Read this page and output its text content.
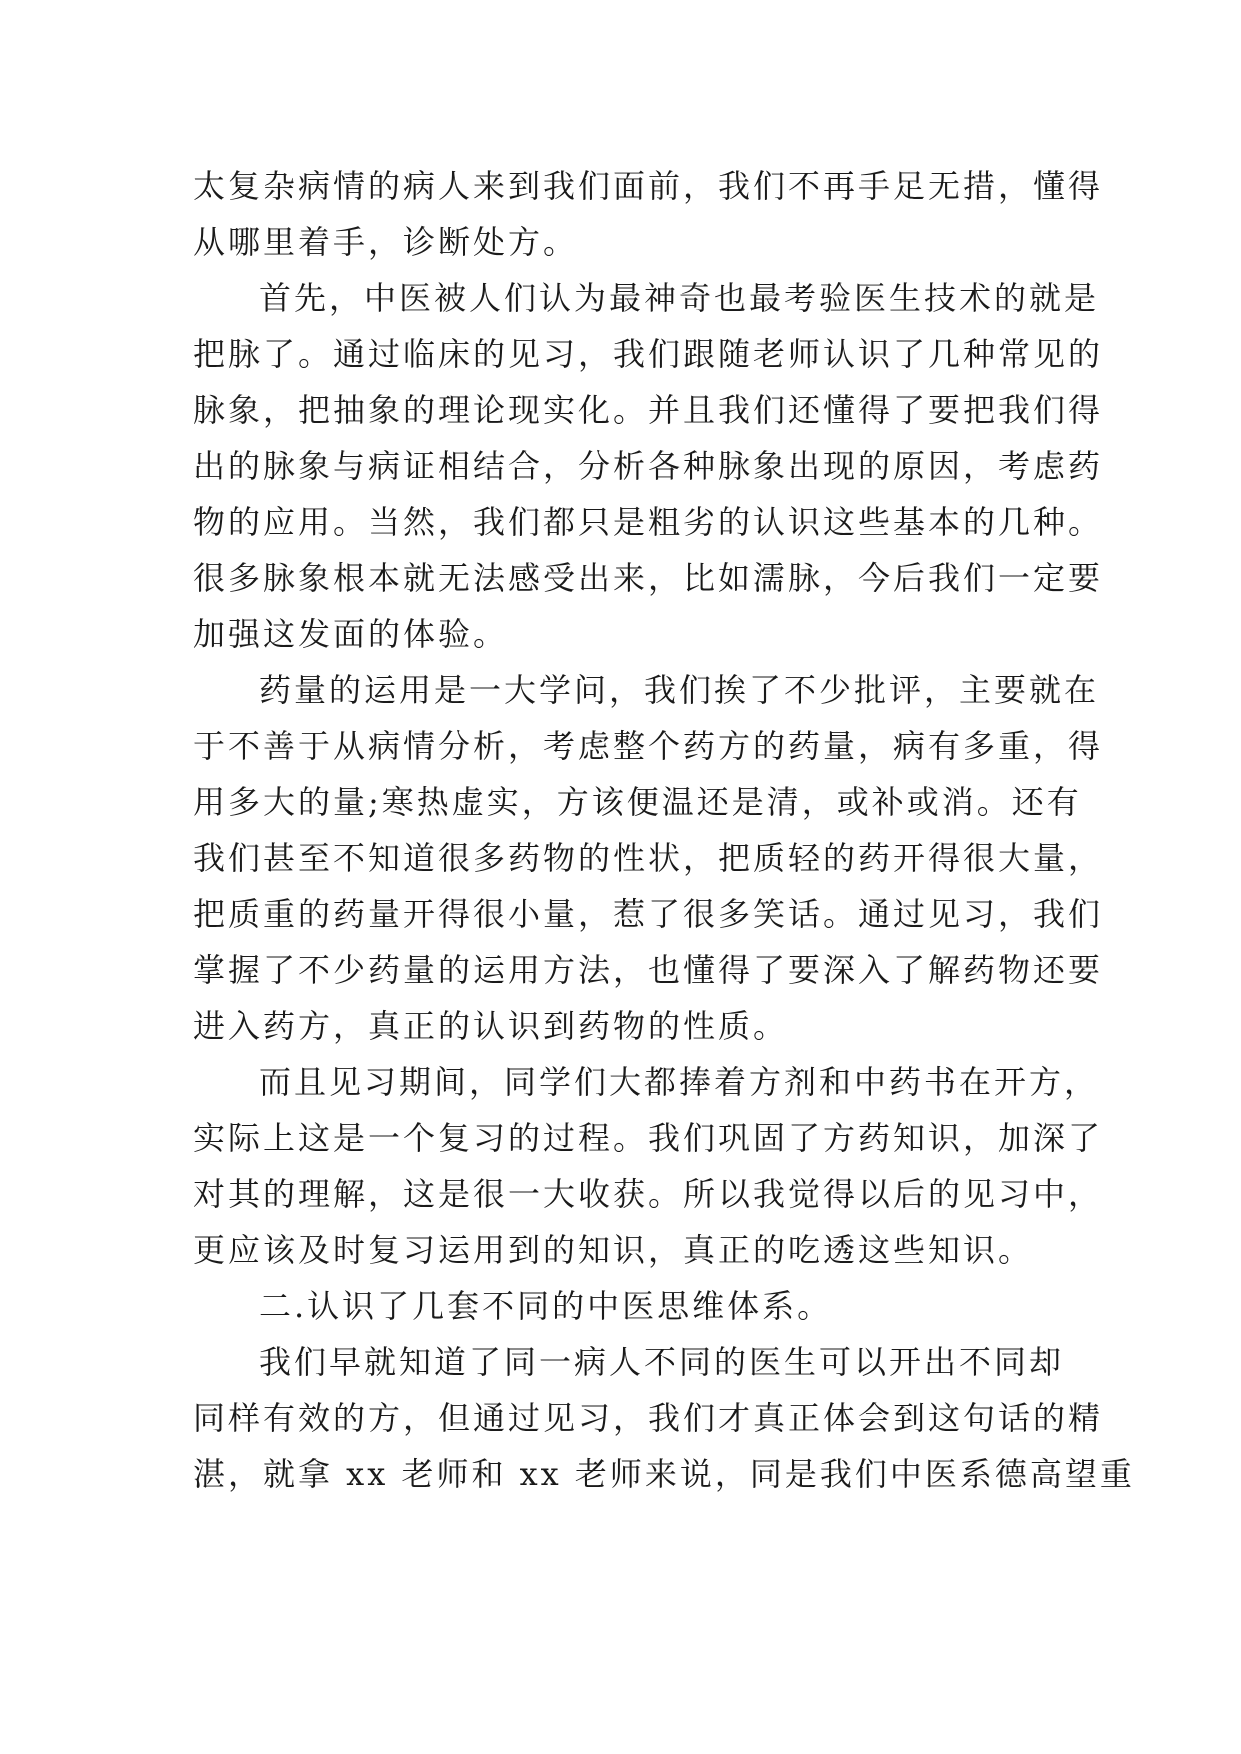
太复杂病情的病人来到我们面前，我们不再手足无措，懂得
从哪里着手，诊断处方。
首先，中医被人们认为最神奇也最考验医生技术的就是
把脉了。通过临床的见习，我们跟随老师认识了几种常见的
脉象，把抽象的理论现实化。并且我们还懂得了要把我们得
出的脉象与病证相结合，分析各种脉象出现的原因，考虑药
物的应用。当然，我们都只是粗劣的认识这些基本的几种。
很多脉象根本就无法感受出来，比如濡脉，今后我们一定要
加强这发面的体验。
药量的运用是一大学问，我们挨了不少批评，主要就在
于不善于从病情分析，考虑整个药方的药量，病有多重，得
用多大的量;寒热虚实，方该便温还是清，或补或消。还有
我们甚至不知道很多药物的性状，把质轻的药开得很大量，
把质重的药量开得很小量，惹了很多笑话。通过见习，我们
掌握了不少药量的运用方法，也懂得了要深入了解药物还要
进入药方，真正的认识到药物的性质。
而且见习期间，同学们大都捧着方剂和中药书在开方，
实际上这是一个复习的过程。我们巩固了方药知识，加深了
对其的理解，这是很一大收获。所以我觉得以后的见习中，
更应该及时复习运用到的知识，真正的吃透这些知识。
二.认识了几套不同的中医思维体系。
我们早就知道了同一病人不同的医生可以开出不同却
同样有效的方，但通过见习，我们才真正体会到这句话的精
湛，就拿 xx 老师和 xx 老师来说，同是我们中医系德高望重
